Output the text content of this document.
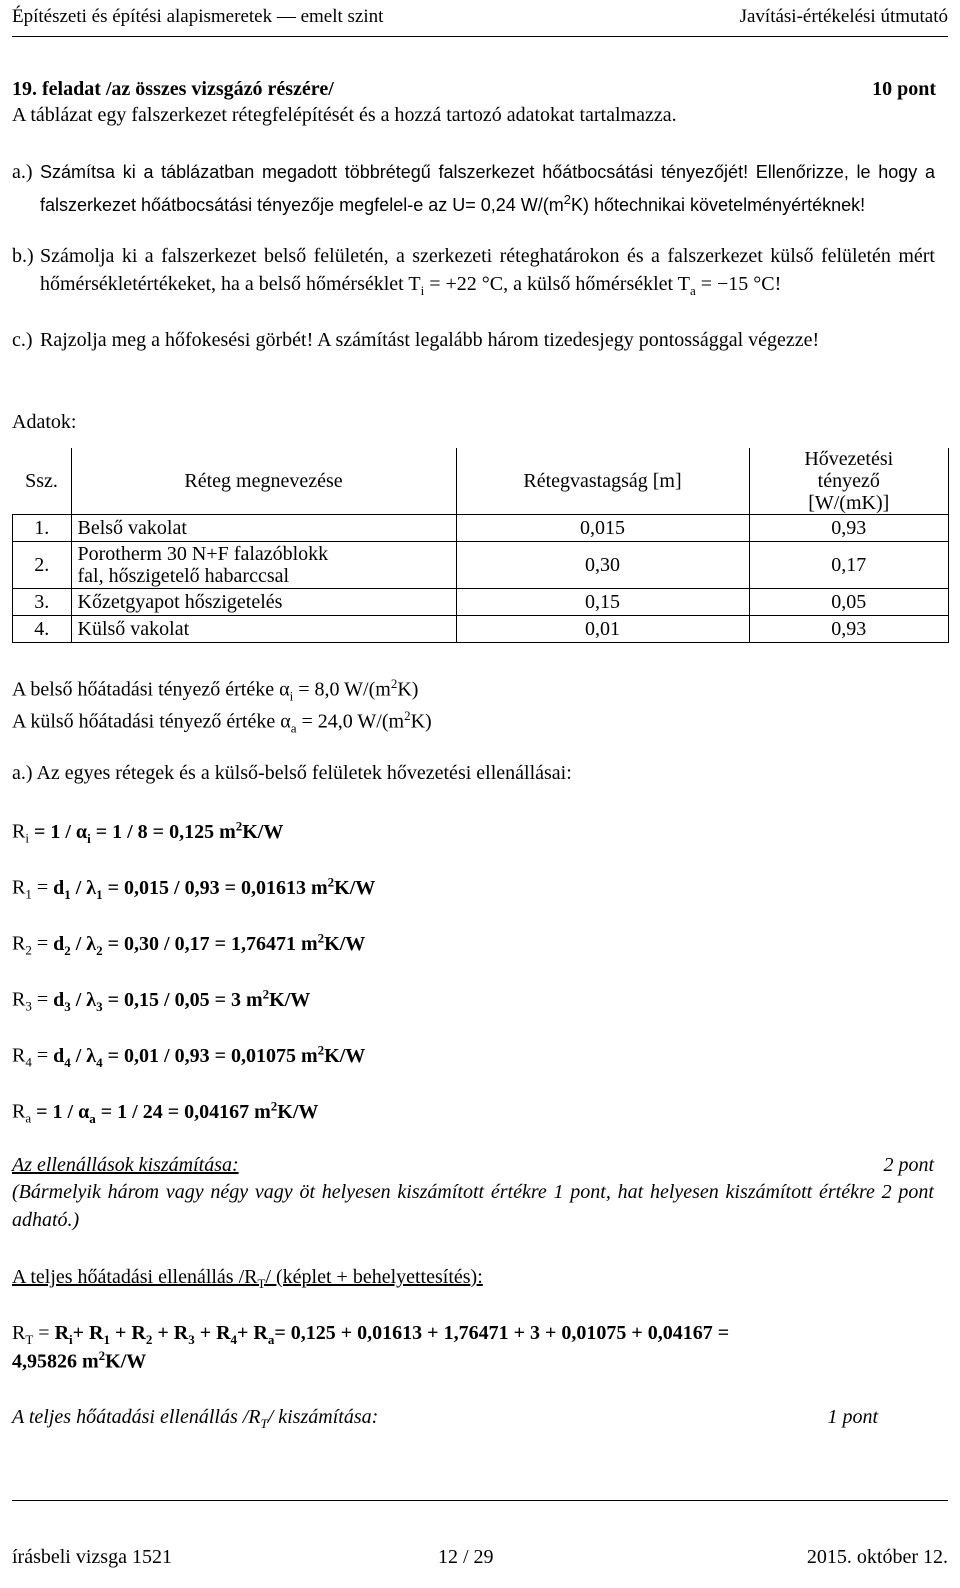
Építészeti és építési alapismeretek — emelt szint	Javítási-értékelési útmutató
19. feladat /az összes vizsgázó részére/	10 pont
A táblázat egy falszerkezet rétegfelépítését és a hozzá tartozó adatokat tartalmazza.
a.) Számítsa ki a táblázatban megadott többrétegű falszerkezet hőátbocsátási tényezőjét! Ellenőrizze, le hogy a falszerkezet hőátbocsátási tényezője megfelel-e az U= 0,24 $W/(m^2K)$ hőtechnikai követelményértéknek!
b.) Számolja ki a falszerkezet belső felületén, a szerkezeti réteghatárokon és a falszerkezet külső felületén mért hőmérsékletértékeket, ha a belső hőmérséklet $T_i = +22$ °C, a külső hőmérséklet $T_a = -15$ °C!
c.) Rajzolja meg a hőfokesési görbét! A számítást legalább három tizedesjegy pontossággal végezze!
Adatok:
Ssz.	Réteg megnevezése	Rétegvastagság [m]	Hővezetési tényező [W/(mK)]
1.	Belső vakolat	0,015	0,93
2.	Porotherm 30 N+F falazóblokk fal, hőszigetelő habarccsal	0,30	0,17
3.	Kőzetgyapot hőszigetelés	0,15	0,05
4.	Külső vakolat	0,01	0,93
A belső hőátadási tényező értéke $\alpha_i = 8,0$ $W/(m^2K)$
A külső hőátadási tényező értéke $\alpha_a = 24,0$ $W/(m^2K)$
a.) Az egyes rétegek és a külső-belső felületek hővezetési ellenállásai:
$R_i = 1 / \alpha_i = 1 / 8 = 0,125$ $m^2K/W$
$R_1 = d_1 / \lambda_1 = 0,015 / 0,93 = 0,01613$ $m^2K/W$
$R_2 = d_2 / \lambda_2 = 0,30 / 0,17 = 1,76471$ $m^2K/W$
$R_3 = d_3 / \lambda_3 = 0,15 / 0,05 = 3$ $m^2K/W$
$R_4 = d_4 / \lambda_4 = 0,01 / 0,93 = 0,01075$ $m^2K/W$
$R_a = 1 / \alpha_a = 1 / 24 = 0,04167$ $m^2K/W$
Az ellenállások kiszámítása:	2 pont
(Bármelyik három vagy négy vagy öt helyesen kiszámított értékre 1 pont, hat helyesen kiszámított értékre 2 pont adható.)
A teljes hőátadási ellenállás $/R_T/$ (képlet + behelyettesítés):
$R_T = R_i+ R_1 + R_2 + R_3 + R_4+ R_a= 0,125 + 0,01613 + 1,76471 + 3 + 0,01075 + 0,04167$ =
4,95826 $m^2K/W$
A teljes hőátadási ellenállás $/R_T/$ kiszámítása:	1 pont
írásbeli vizsga 1521	12 / 29	2015. október 12.
